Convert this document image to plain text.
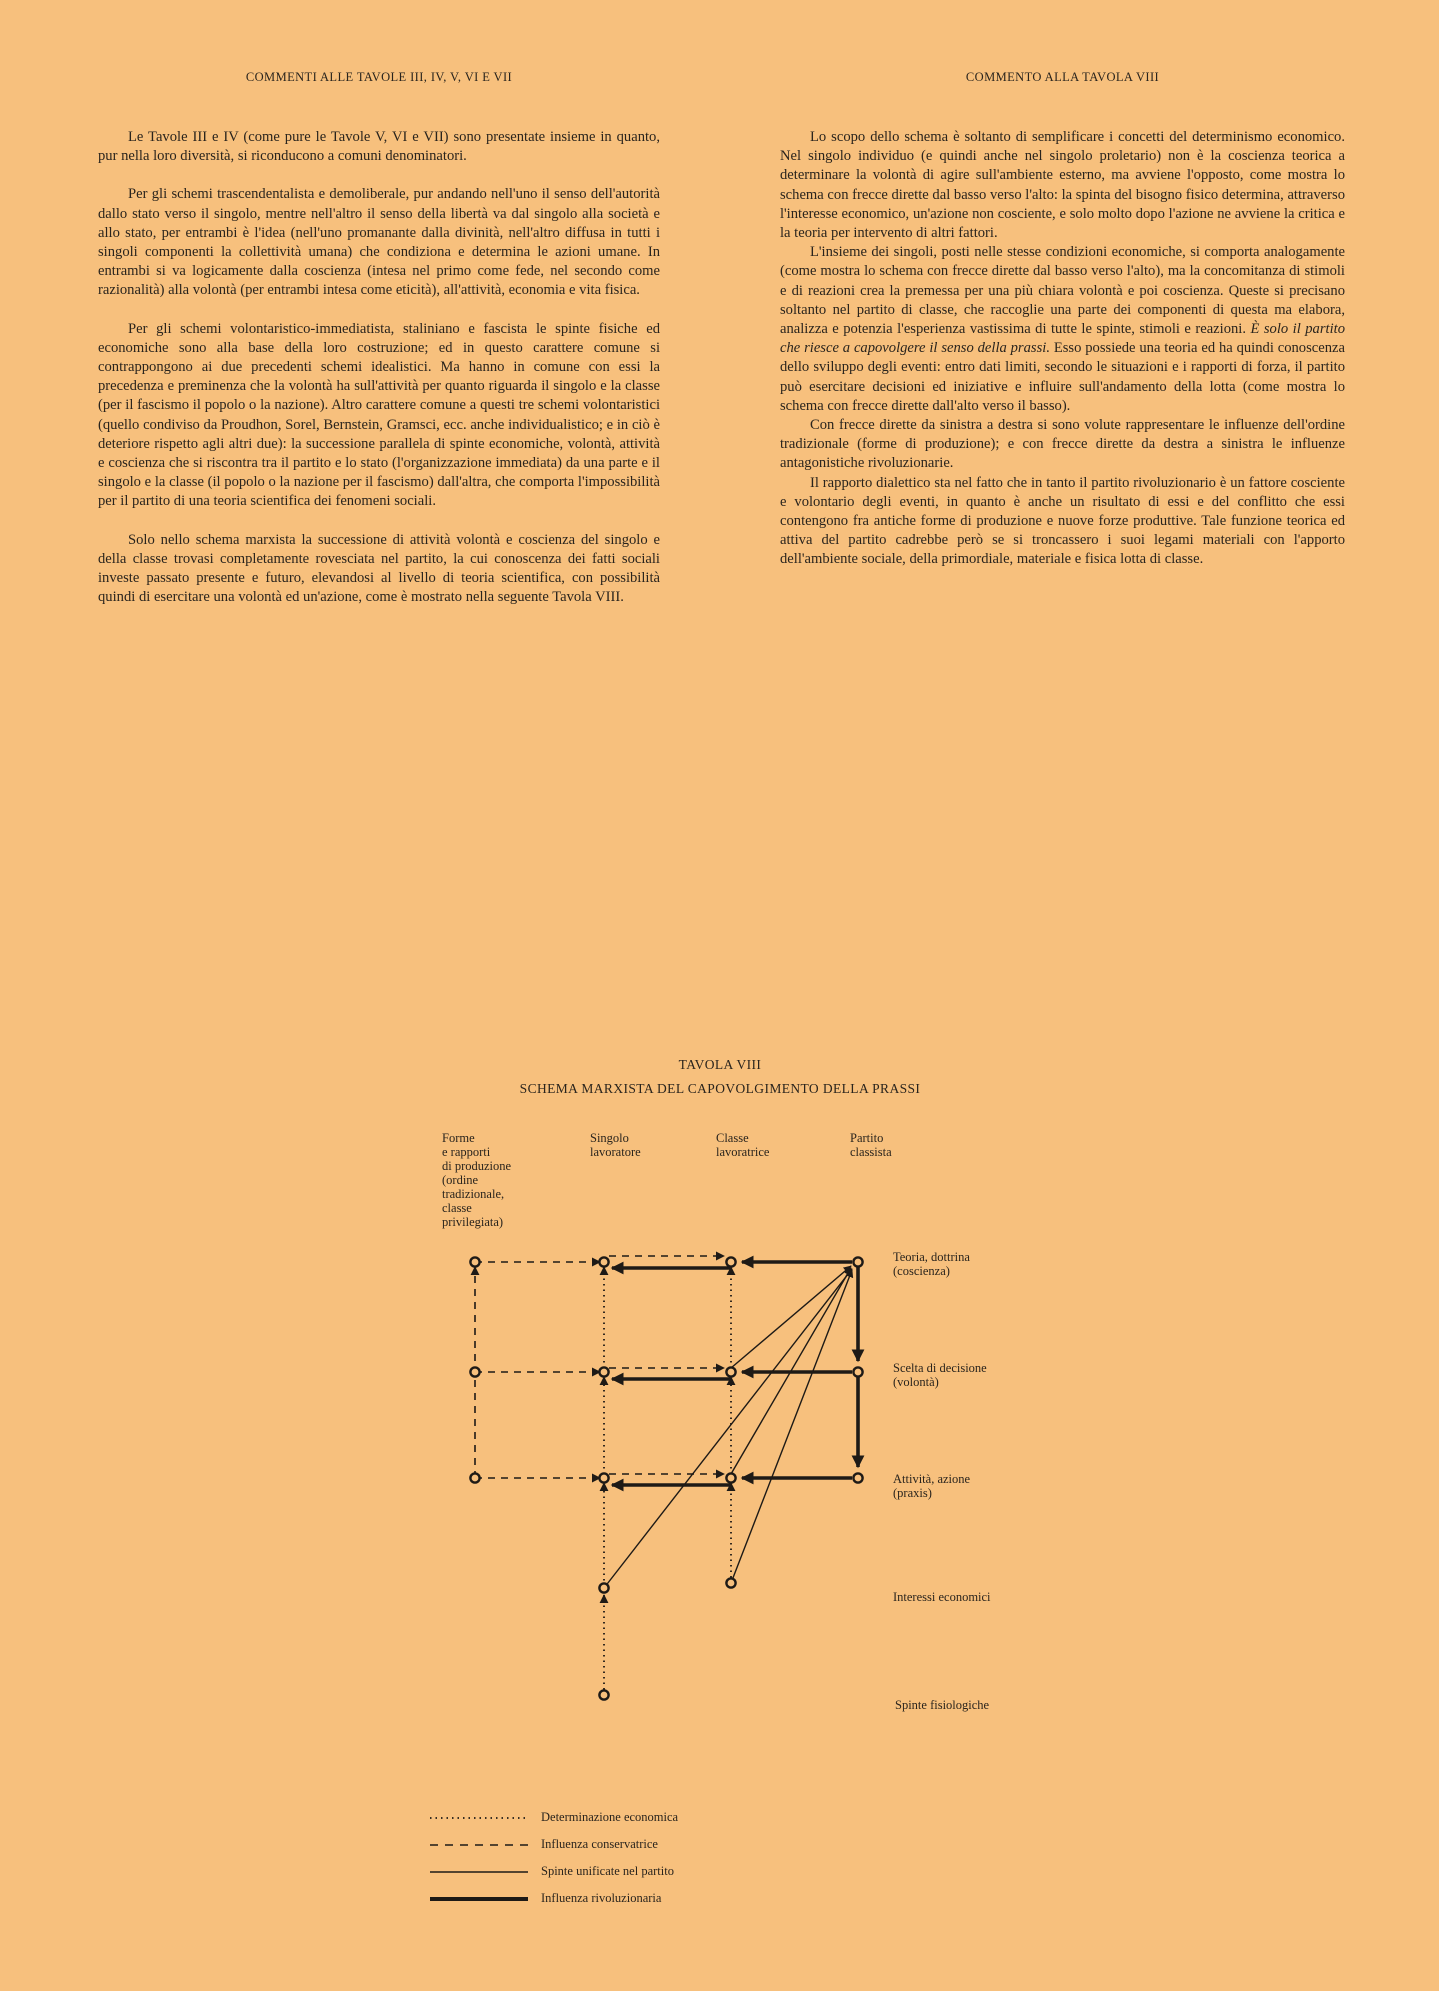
COMMENTI ALLE TAVOLE III, IV, V, VI E VII	COMMENTO ALLA TAVOLA VIII

Le Tavole III e IV (come pure le Tavole V, VI e VII) sono presentate insieme in quanto, pur nella loro diversità, si riconducono a comuni denominatori.

Per gli schemi trascendentalista e demoliberale, pur andando nell'uno il senso dell'autorità dallo stato verso il singolo, mentre nell'altro il senso della libertà va dal singolo alla società e allo stato, per entrambi è l'idea (nell'uno promanante dalla divinità, nell'altro diffusa in tutti i singoli componenti la collettività umana) che condiziona e determina le azioni umane. In entrambi si va logicamente dalla coscienza (intesa nel primo come fede, nel secondo come razionalità) alla volontà (per entrambi intesa come eticità), all'attività, economia e vita fisica.

Per gli schemi volontaristico-immediatista, staliniano e fascista le spinte fisiche ed economiche sono alla base della loro costruzione; ed in questo carattere comune si contrappongono ai due precedenti schemi idealistici. Ma hanno in comune con essi la precedenza e preminenza che la volontà ha sull'attività per quanto riguarda il singolo e la classe (per il fascismo il popolo o la nazione). Altro carattere comune a questi tre schemi volontaristici (quello condiviso da Proudhon, Sorel, Bernstein, Gramsci, ecc. anche individualistico; e in ciò è deteriore rispetto agli altri due): la successione parallela di spinte economiche, volontà, attività e coscienza che si riscontra tra il partito e lo stato (l'organizzazione immediata) da una parte e il singolo e la classe (il popolo o la nazione per il fascismo) dall'altra, che comporta l'impossibilità per il partito di una teoria scientifica dei fenomeni sociali.

Solo nello schema marxista la successione di attività volontà e coscienza del singolo e della classe trovasi completamente rovesciata nel partito, la cui conoscenza dei fatti sociali investe passato presente e futuro, elevandosi al livello di teoria scientifica, con possibilità quindi di esercitare una volontà ed un'azione, come è mostrato nella seguente Tavola VIII.

Lo scopo dello schema è soltanto di semplificare i concetti del determinismo economico. Nel singolo individuo (e quindi anche nel singolo proletario) non è la coscienza teorica a determinare la volontà di agire sull'ambiente esterno, ma avviene l'opposto, come mostra lo schema con frecce dirette dal basso verso l'alto: la spinta del bisogno fisico determina, attraverso l'interesse economico, un'azione non cosciente, e solo molto dopo l'azione ne avviene la critica e la teoria per intervento di altri fattori.

L'insieme dei singoli, posti nelle stesse condizioni economiche, si comporta analogamente (come mostra lo schema con frecce dirette dal basso verso l'alto), ma la concomitanza di stimoli e di reazioni crea la premessa per una più chiara volontà e poi coscienza. Queste si precisano soltanto nel partito di classe, che raccoglie una parte dei componenti di questa ma elabora, analizza e potenzia l'esperienza vastissima di tutte le spinte, stimoli e reazioni. È solo il partito che riesce a capovolgere il senso della prassi. Esso possiede una teoria ed ha quindi conoscenza dello sviluppo degli eventi: entro dati limiti, secondo le situazioni e i rapporti di forza, il partito può esercitare decisioni ed iniziative e influire sull'andamento della lotta (come mostra lo schema con frecce dirette dall'alto verso il basso).

Con frecce dirette da sinistra a destra si sono volute rappresentare le influenze dell'ordine tradizionale (forme di produzione); e con frecce dirette da destra a sinistra le influenze antagonistiche rivoluzionarie.

Il rapporto dialettico sta nel fatto che in tanto il partito rivoluzionario è un fattore cosciente e volontario degli eventi, in quanto è anche un risultato di essi e del conflitto che essi contengono fra antiche forme di produzione e nuove forze produttive. Tale funzione teorica ed attiva del partito cadrebbe però se si troncassero i suoi legami materiali con l'apporto dell'ambiente sociale, della primordiale, materiale e fisica lotta di classe.

TAVOLA VIII
SCHEMA MARXISTA DEL CAPOVOLGIMENTO DELLA PRASSI
Forme
e rapporti
di produzione
(ordine
tradizionale,
classe
privilegiata)
Singolo
lavoratore
Classe
lavoratrice
Partito
classista
Teoria, dottrina
(coscienza)
Scelta di decisione
(volontà)
Attività, azione
(praxis)
Interessi economici
Spinte fisiologiche
Determinazione economica
Influenza conservatrice
Spinte unificate nel partito
Influenza rivoluzionaria
